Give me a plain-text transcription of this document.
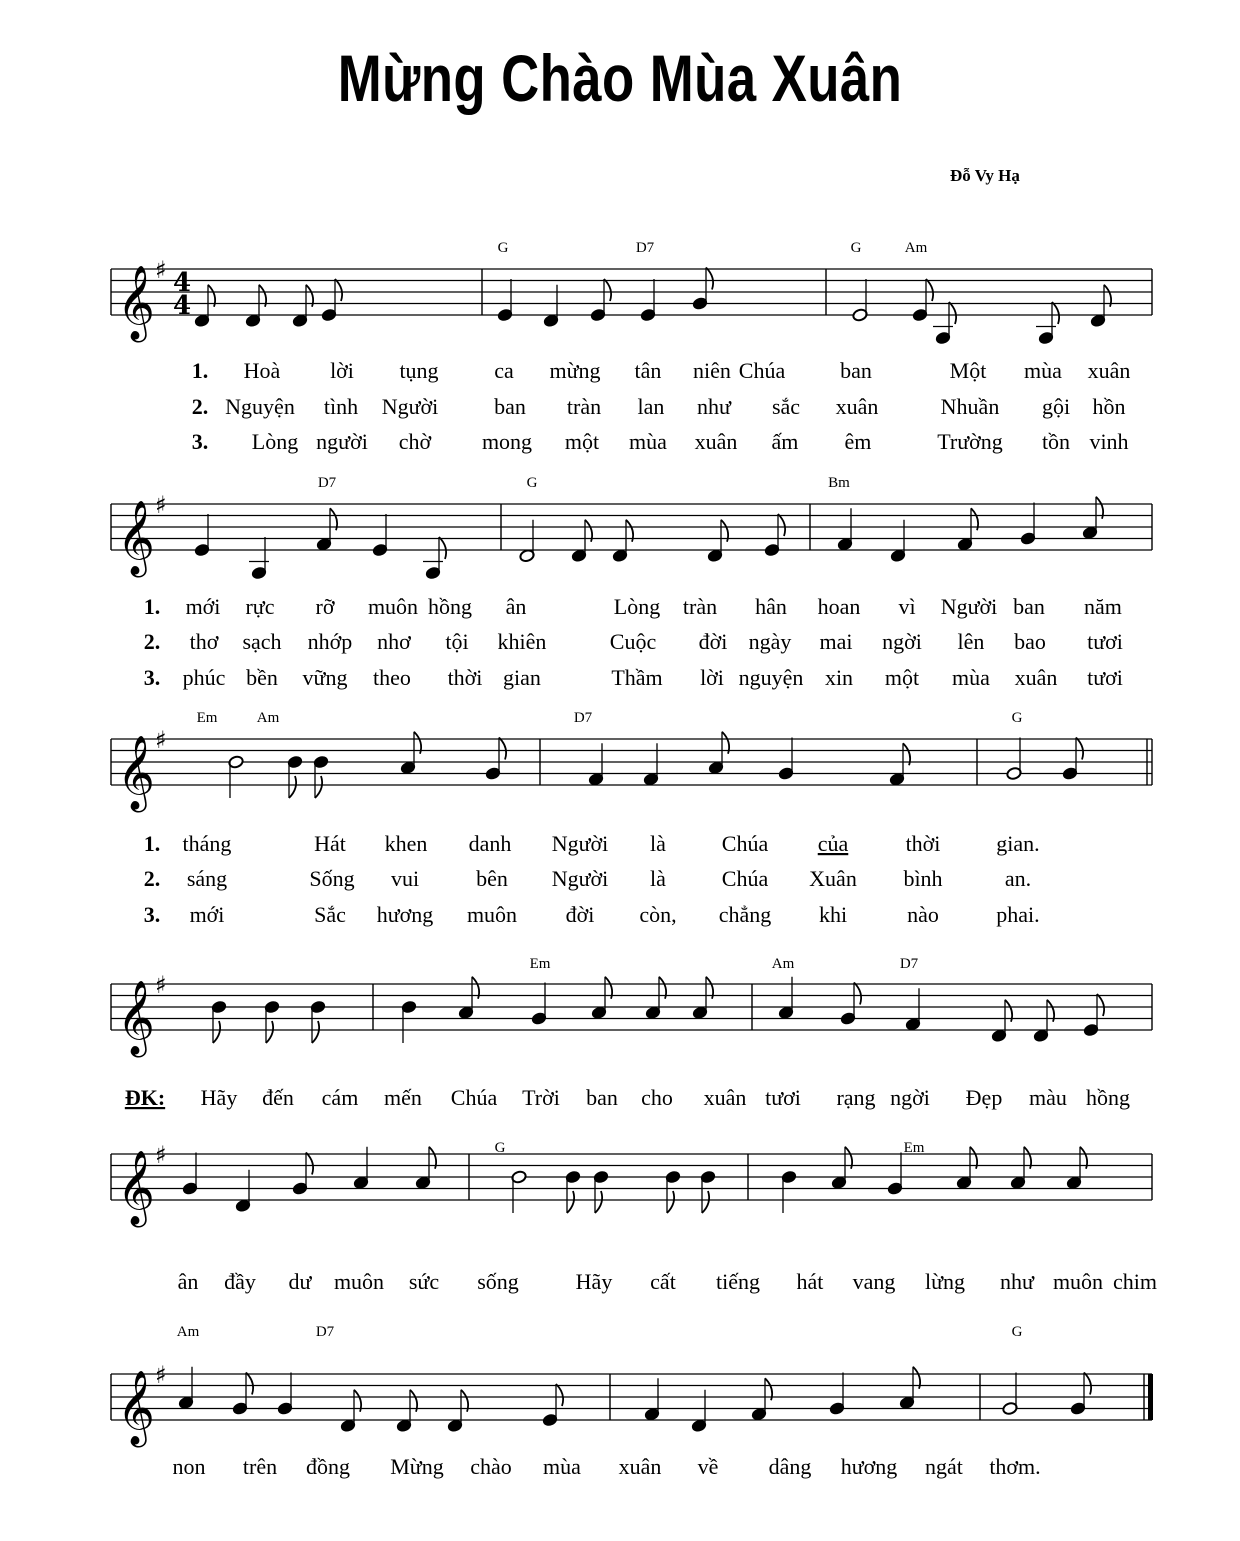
Mừng Chào Mùa Xuân
Đỗ Vy Hạ
𝄞 ♯ 4
4
G	D7	G	Am
1. Hoà lời tụng	ca mừng tân niên Chúa ban	Một mùa xuân
2. Nguyện tình Người	ban tràn lan như sắc xuân	Nhuần gội hồn
3. Lòng người chờ mong một mùa xuân ấm êm	Trường tồn vinh
𝄞 ♯
D7	G	Bm
1. mới rực rỡ muôn hồng ân	Lòng tràn hân hoan vì Người ban năm
2. thơ sạch nhớp nhơ tội khiên	Cuộc đời ngày mai ngời lên bao tươi
3. phúc bền vững theo thời gian	Thầm lời nguyện xin một mùa xuân tươi
𝄞 ♯
Em	Am	D7	G
1. tháng	Hát khen danh Người là	Chúa của	thời	gian.
2. sáng	Sống vui	bên Người là	Chúa Xuân bình	an.
3. mới	Sắc hương muôn đời còn, chẳng khi	nào	phai.
𝄞 ♯
Em	Am	D7
ĐK: Hãy đến cám mến Chúa Trời ban cho xuân tươi rạng ngời Đẹp màu hồng
𝄞 ♯	G	Em
ân đầy dư muôn sức sống	Hãy cất tiếng hát vang lừng như muôn chim
𝄞 ♯
Am	D7	G
non trên đồng Mừng chào mùa xuân về dâng hương ngát thơm.
